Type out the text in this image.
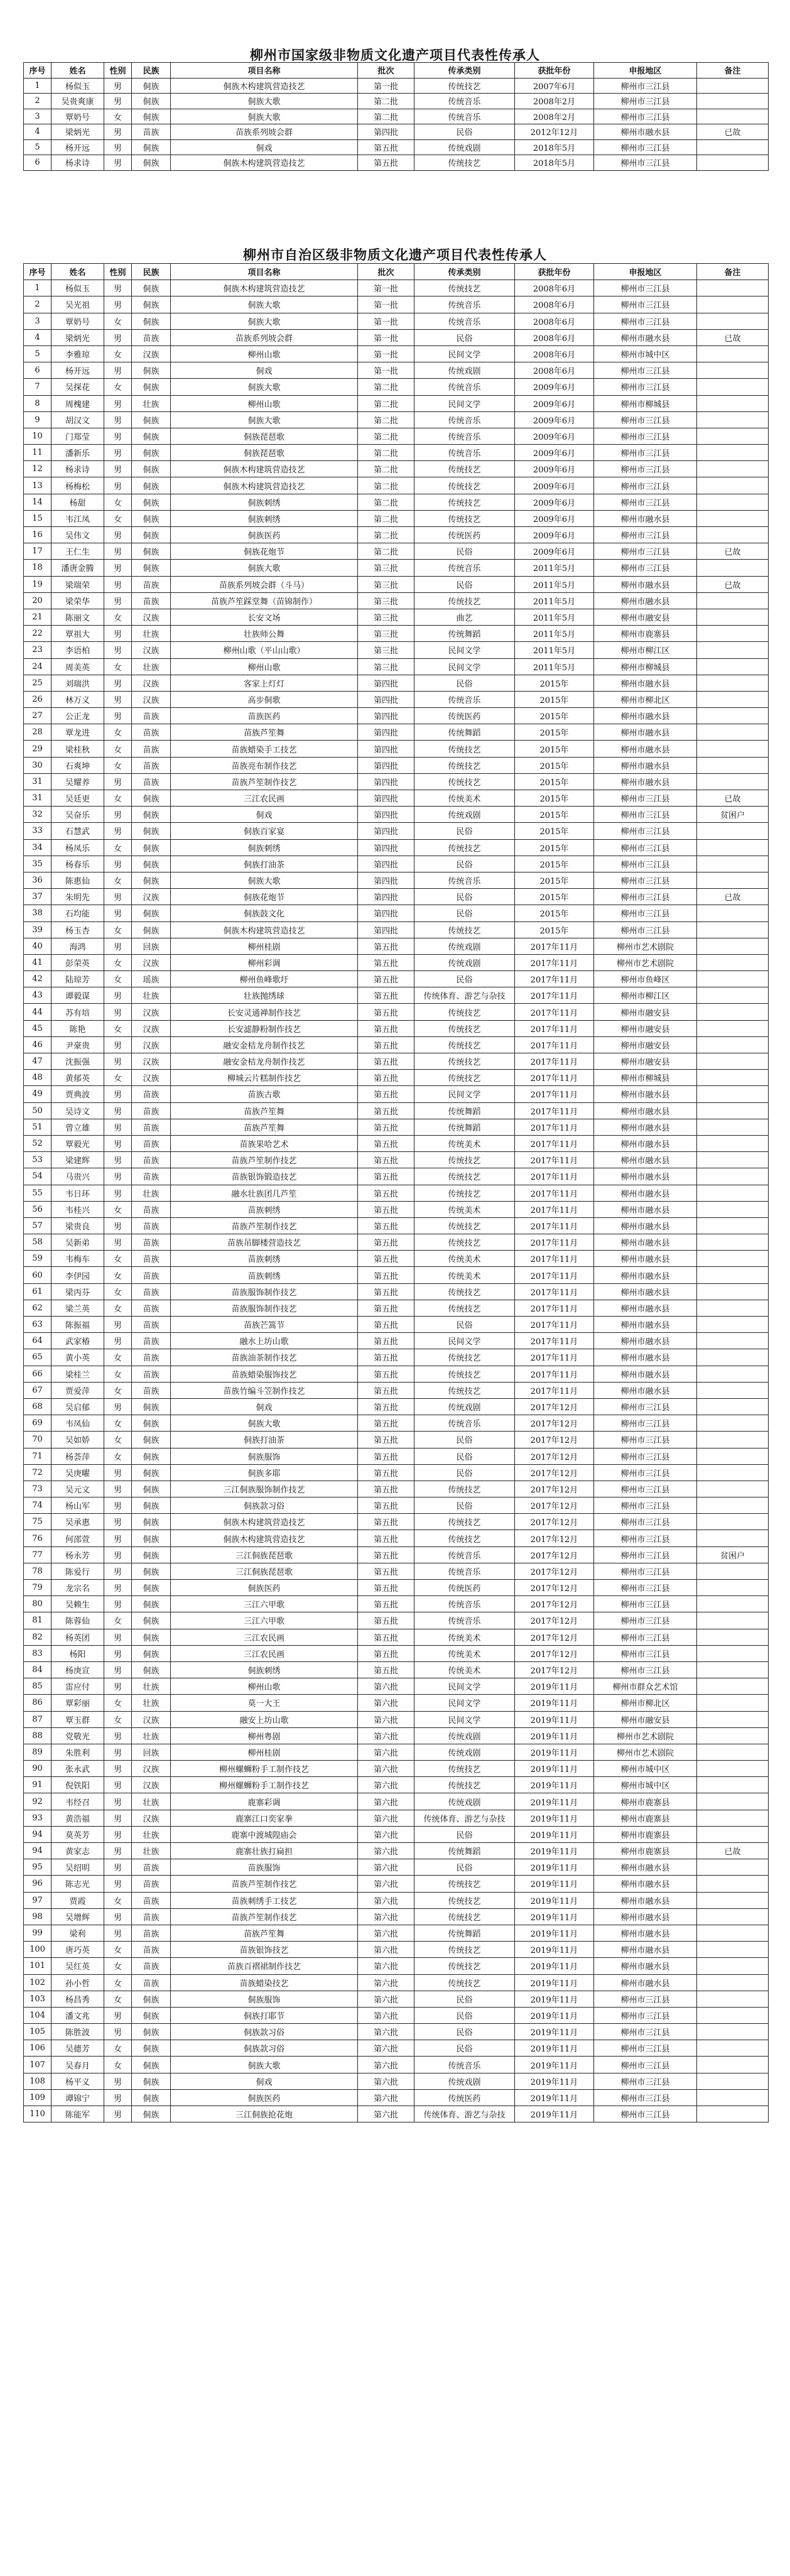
柳州市国家级非物质文化遗产项目代表性传承人
序号	姓名	性别	民族	项目名称	批次	传承类别	获批年份	申报地区	备注
1	杨似玉	男	侗族	侗族木构建筑营造技艺	第一批	传统技艺	2007年6月	柳州市三江县	
2	吴贵爽康	男	侗族	侗族大歌	第二批	传统音乐	2008年2月	柳州市三江县	
3	覃奶号	女	侗族	侗族大歌	第二批	传统音乐	2008年2月	柳州市三江县	
4	梁炳光	男	苗族	苗族系列坡会群	第四批	民俗	2012年12月	柳州市融水县	已故
5	杨开远	男	侗族	侗戏	第五批	传统戏剧	2018年5月	柳州市三江县	
6	杨求诗	男	侗族	侗族木构建筑营造技艺	第五批	传统技艺	2018年5月	柳州市三江县	
柳州市自治区级非物质文化遗产项目代表性传承人
序号	姓名	性别	民族	项目名称	批次	传承类别	获批年份	申报地区	备注
1	杨似玉	男	侗族	侗族木构建筑营造技艺	第一批	传统技艺	2008年6月	柳州市三江县	
2	吴光祖	男	侗族	侗族大歌	第一批	传统音乐	2008年6月	柳州市三江县	
3	覃奶号	女	侗族	侗族大歌	第一批	传统音乐	2008年6月	柳州市三江县	
4	梁炳光	男	苗族	苗族系列坡会群	第一批	民俗	2008年6月	柳州市融水县	已故
5	李雅琼	女	汉族	柳州山歌	第一批	民间文学	2008年6月	柳州市城中区	
6	杨开远	男	侗族	侗戏	第一批	传统戏剧	2008年6月	柳州市三江县	
7	吴探花	女	侗族	侗族大歌	第二批	传统音乐	2009年6月	柳州市三江县	
8	周槐建	男	壮族	柳州山歌	第二批	民间文学	2009年6月	柳州市柳城县	
9	胡汉文	男	侗族	侗族大歌	第二批	传统音乐	2009年6月	柳州市三江县	
10	门郑莹	男	侗族	侗族琵琶歌	第二批	传统音乐	2009年6月	柳州市三江县	
11	潘新乐	男	侗族	侗族琵琶歌	第二批	传统音乐	2009年6月	柳州市三江县	
12	杨求诗	男	侗族	侗族木构建筑营造技艺	第二批	传统技艺	2009年6月	柳州市三江县	
13	杨梅松	男	侗族	侗族木构建筑营造技艺	第二批	传统技艺	2009年6月	柳州市三江县	
14	杨甜	女	侗族	侗族刺绣	第二批	传统技艺	2009年6月	柳州市三江县	
15	韦江凤	女	侗族	侗族刺绣	第二批	传统技艺	2009年6月	柳州市融水县	
16	吴伟文	男	侗族	侗族医药	第二批	传统医药	2009年6月	柳州市三江县	
17	王仁生	男	侗族	侗族花炮节	第二批	民俗	2009年6月	柳州市三江县	已故
18	潘唐金腾	男	侗族	侗族大歌	第三批	传统音乐	2011年5月	柳州市三江县	
19	梁瑞荣	男	苗族	苗族系列坡会群（斗马）	第三批	民俗	2011年5月	柳州市融水县	已故
20	梁荣华	男	苗族	苗族芦笙踩堂舞（苗锦制作）	第三批	传统技艺	2011年5月	柳州市融水县	
21	陈丽文	女	汉族	长安文场	第三批	曲艺	2011年5月	柳州市融安县	
22	覃祖大	男	壮族	壮族师公舞	第三批	传统舞蹈	2011年5月	柳州市鹿寨县	
23	李语柏	男	汉族	柳州山歌（平山山歌）	第三批	民间文学	2011年5月	柳州市柳江区	
24	周美英	女	壮族	柳州山歌	第三批	民间文学	2011年5月	柳州市柳城县	
25	刘瑞洪	男	汉族	客家上灯灯	第四批	民俗	2015年	柳州市融水县	
26	林万义	男	汉族	高步侗歌	第四批	传统音乐	2015年	柳州市柳北区	
27	公正龙	男	苗族	苗族医药	第四批	传统医药	2015年	柳州市融水县	
28	覃龙进	女	苗族	苗族芦笙舞	第四批	传统舞蹈	2015年	柳州市融水县	
29	梁桂秋	女	苗族	苗族蜡染手工技艺	第四批	传统技艺	2015年	柳州市融水县	
30	石爽坤	女	苗族	苗族亮布制作技艺	第四批	传统技艺	2015年	柳州市融水县	
31	吴耀养	男	苗族	苗族芦笙制作技艺	第四批	传统技艺	2015年	柳州市融水县	
31	吴廷更	女	侗族	三江农民画	第四批	传统美术	2015年	柳州市三江县	已故
32	吴奋乐	男	侗族	侗戏	第四批	传统戏剧	2015年	柳州市三江县	贫困户
33	石慧武	男	侗族	侗族百家宴	第四批	民俗	2015年	柳州市三江县	
34	杨凤乐	女	侗族	侗族刺绣	第四批	传统技艺	2015年	柳州市三江县	
35	杨春乐	男	侗族	侗族打油茶	第四批	民俗	2015年	柳州市三江县	
36	陈惠仙	女	侗族	侗族大歌	第四批	传统音乐	2015年	柳州市三江县	
37	朱明先	男	汉族	侗族花炮节	第四批	民俗	2015年	柳州市三江县	已故
38	石均能	男	侗族	侗族鼓文化	第四批	民俗	2015年	柳州市三江县	
39	杨玉杏	女	侗族	侗族木构建筑营造技艺	第四批	传统技艺	2015年	柳州市三江县	
40	海鸿	男	回族	柳州桂剧	第五批	传统戏剧	2017年11月	柳州市艺术剧院	
41	彭荣英	女	汉族	柳州彩调	第五批	传统戏剧	2017年11月	柳州市艺术剧院	
42	陆琼芳	女	瑶族	柳州鱼峰歌圩	第五批	民俗	2017年11月	柳州市鱼峰区	
43	谭毅谋	男	壮族	壮族抛绣球	第五批	传统体育、游艺与杂技	2017年11月	柳州市柳江区	
44	苏有培	男	汉族	长安灵通禅制作技艺	第五批	传统技艺	2017年11月	柳州市融安县	
45	陈艳	女	汉族	长安滤静粉制作技艺	第五批	传统技艺	2017年11月	柳州市融安县	
46	尹豪贵	男	汉族	融安金桔龙舟制作技艺	第五批	传统技艺	2017年11月	柳州市融安县	
47	沈振强	男	汉族	融安金桔龙舟制作技艺	第五批	传统技艺	2017年11月	柳州市融安县	
48	黄郁英	女	汉族	柳城云片糕制作技艺	第五批	传统技艺	2017年11月	柳州市柳城县	
49	贾典波	男	苗族	苗族古歌	第五批	民间文学	2017年11月	柳州市融水县	
50	吴诗文	男	苗族	苗族芦笙舞	第五批	传统舞蹈	2017年11月	柳州市融水县	
51	曾立雄	男	苗族	苗族芦笙舞	第五批	传统舞蹈	2017年11月	柳州市融水县	
52	覃毅光	男	苗族	苗族果哈艺术	第五批	传统美术	2017年11月	柳州市融水县	
53	梁建辉	男	苗族	苗族芦笙制作技艺	第五批	传统技艺	2017年11月	柳州市融水县	
54	马贵兴	男	苗族	苗族银饰锻造技艺	第五批	传统技艺	2017年11月	柳州市融水县	
55	韦日环	男	壮族	融水壮族团几芦笙	第五批	传统技艺	2017年11月	柳州市融水县	
56	韦桂兴	女	苗族	苗族刺绣	第五批	传统美术	2017年11月	柳州市融水县	
57	梁贵良	男	苗族	苗族芦笙制作技艺	第五批	传统技艺	2017年11月	柳州市融水县	
58	吴新弟	男	苗族	苗族吊脚楼营造技艺	第五批	传统技艺	2017年11月	柳州市融水县	
59	韦梅车	女	苗族	苗族刺绣	第五批	传统美术	2017年11月	柳州市融水县	
60	李伊园	女	苗族	苗族刺绣	第五批	传统美术	2017年11月	柳州市融水县	
61	梁丙芬	女	苗族	苗族服饰制作技艺	第五批	传统技艺	2017年11月	柳州市融水县	
62	梁兰英	女	苗族	苗族服饰制作技艺	第五批	传统技艺	2017年11月	柳州市融水县	
63	陈振福	男	苗族	苗族芒篙节	第五批	民俗	2017年11月	柳州市融水县	
64	武家椿	男	苗族	融水上坊山歌	第五批	民间文学	2017年11月	柳州市融水县	
65	黄小英	女	苗族	苗族油茶制作技艺	第五批	传统技艺	2017年11月	柳州市融水县	
66	梁桂兰	女	苗族	苗族蜡染服饰技艺	第五批	传统技艺	2017年11月	柳州市融水县	
67	贾爱萍	女	苗族	苗族竹编斗笠制作技艺	第五批	传统技艺	2017年11月	柳州市融水县	
68	吴启郁	男	侗族	侗戏	第五批	传统戏剧	2017年12月	柳州市三江县	
69	韦凤仙	女	侗族	侗族大歌	第五批	传统音乐	2017年12月	柳州市三江县	
70	吴如娇	女	侗族	侗族打油茶	第五批	民俗	2017年12月	柳州市三江县	
71	杨荟萍	女	侗族	侗族服饰	第五批	民俗	2017年12月	柳州市三江县	
72	吴庚曜	男	侗族	侗族多耶	第五批	民俗	2017年12月	柳州市三江县	
73	吴元文	男	侗族	三江侗族服饰制作技艺	第五批	传统技艺	2017年12月	柳州市三江县	
74	杨山军	男	侗族	侗族款习俗	第五批	民俗	2017年12月	柳州市三江县	
75	吴承惠	男	侗族	侗族木构建筑营造技艺	第五批	传统技艺	2017年12月	柳州市三江县	
76	何邵萱	男	侗族	侗族木构建筑营造技艺	第五批	传统技艺	2017年12月	柳州市三江县	
77	杨永芳	男	侗族	三江侗族琵琶歌	第五批	传统音乐	2017年12月	柳州市三江县	贫困户
78	陈爱行	男	侗族	三江侗族琵琶歌	第五批	传统音乐	2017年12月	柳州市三江县	
79	龙宗名	男	侗族	侗族医药	第五批	传统医药	2017年12月	柳州市三江县	
80	吴赖生	男	侗族	三江六甲歌	第五批	传统音乐	2017年12月	柳州市三江县	
81	陈蓉仙	女	侗族	三江六甲歌	第五批	传统音乐	2017年12月	柳州市三江县	
82	杨英团	男	侗族	三江农民画	第五批	传统美术	2017年12月	柳州市三江县	
83	杨阳	男	侗族	三江农民画	第五批	传统美术	2017年12月	柳州市三江县	
84	杨庚宣	男	侗族	侗族刺绣	第五批	传统美术	2017年12月	柳州市三江县	
85	雷应付	男	壮族	柳州山歌	第六批	民间文学	2019年11月	柳州市群众艺术馆	
86	覃彩丽	女	壮族	莫一大王	第六批	民间文学	2019年11月	柳州市柳北区	
87	覃玉群	女	汉族	融安上坊山歌	第六批	民间文学	2019年11月	柳州市融安县	
88	党敬光	男	壮族	柳州粤剧	第六批	传统戏剧	2019年11月	柳州市艺术剧院	
89	朱胜利	男	回族	柳州桂剧	第六批	传统戏剧	2019年11月	柳州市艺术剧院	
90	张永武	男	汉族	柳州螺蛳粉手工制作技艺	第六批	传统技艺	2019年11月	柳州市城中区	
91	倪铁阳	男	汉族	柳州螺蛳粉手工制作技艺	第六批	传统技艺	2019年11月	柳州市城中区	
92	韦经召	男	壮族	鹿寨彩调	第六批	传统戏剧	2019年11月	柳州市鹿寨县	
93	黄浩福	男	汉族	鹿寨江口奕家拳	第六批	传统体育、游艺与杂技	2019年11月	柳州市鹿寨县	
94	莫英芳	男	壮族	鹿寨中渡城隍庙会	第六批	民俗	2019年11月	柳州市鹿寨县	
94	黄家志	男	壮族	鹿寨壮族打扁担	第六批	传统舞蹈	2019年11月	柳州市鹿寨县	已故
95	吴绍明	男	苗族	苗族服饰	第六批	民俗	2019年11月	柳州市融水县	
96	陈志光	男	苗族	苗族芦笙制作技艺	第六批	传统技艺	2019年11月	柳州市融水县	
97	贾霞	女	苗族	苗族刺绣手工技艺	第六批	传统技艺	2019年11月	柳州市融水县	
98	吴增辉	男	苗族	苗族芦笙制作技艺	第六批	传统技艺	2019年11月	柳州市融水县	
99	梁利	男	苗族	苗族芦笙舞	第六批	传统舞蹈	2019年11月	柳州市融水县	
100	唐巧英	女	苗族	苗族银饰技艺	第六批	传统技艺	2019年11月	柳州市融水县	
101	吴红英	女	苗族	苗族百褶裙制作技艺	第六批	传统技艺	2019年11月	柳州市融水县	
102	孙小哲	女	苗族	苗族蜡染技艺	第六批	传统技艺	2019年11月	柳州市融水县	
103	杨昌秀	女	侗族	侗族服饰	第六批	民俗	2019年11月	柳州市三江县	
104	潘文兆	男	侗族	侗族打耶节	第六批	民俗	2019年11月	柳州市三江县	
105	陈胜波	男	侗族	侗族款习俗	第六批	民俗	2019年11月	柳州市三江县	
106	吴德芳	女	侗族	侗族款习俗	第六批	民俗	2019年11月	柳州市三江县	
107	吴春月	女	侗族	侗族大歌	第六批	传统音乐	2019年11月	柳州市三江县	
108	杨平义	男	侗族	侗戏	第六批	传统戏剧	2019年11月	柳州市三江县	
109	谭锦宁	男	侗族	侗族医药	第六批	传统医药	2019年11月	柳州市三江县	
110	陈能军	男	侗族	三江侗族抢花炮	第六批	传统体育、游艺与杂技	2019年11月	柳州市三江县	
